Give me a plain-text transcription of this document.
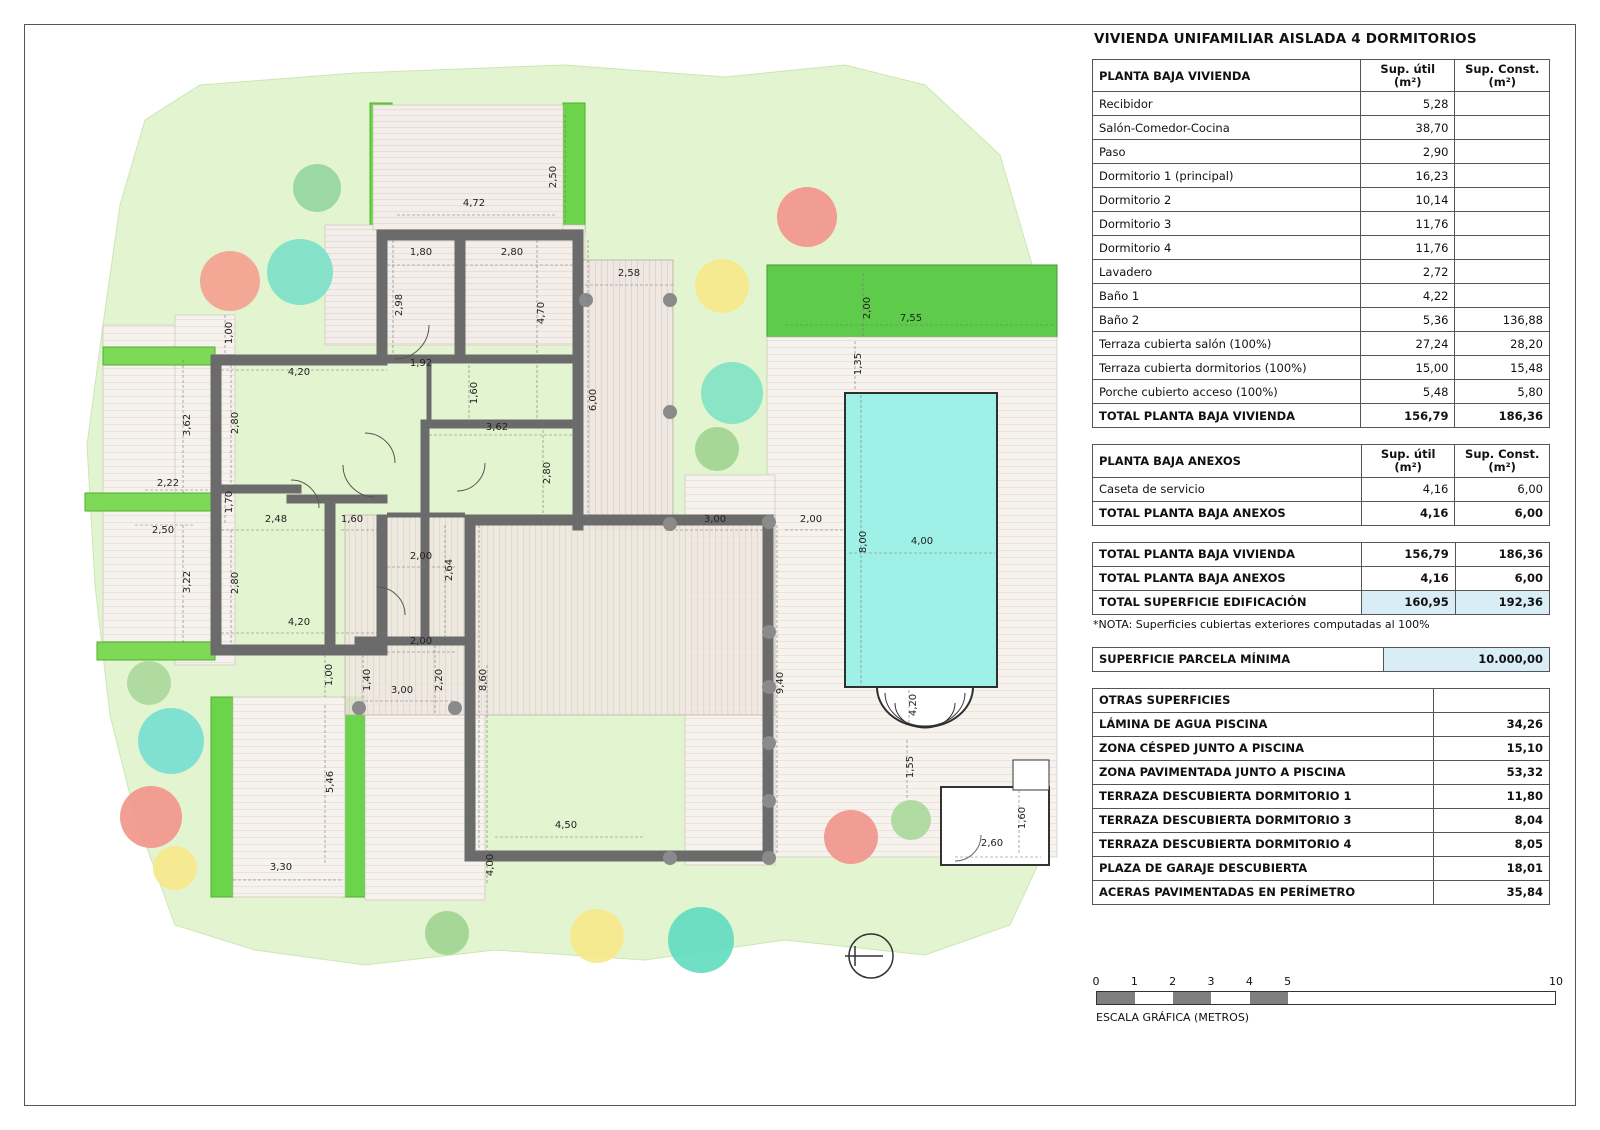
4,72
2,50
1,80	2,80
2,58
2,98	4,70	2,00	7,55
1,00
1,92
4,20	1,35
1,60	6,00
3,62	2,80	3,62
2,80
2,22
1,70
2,48	1,60
2,50
3,00	2,00
8,00	4,00
3,22
2,00
2,64
2,80
4,20
2,00
1,00	1,40	2,20	8,60	9,40
3,00
4,20
1,55
5,46
4,50	1,60
2,60
3,30	4,00
VIVIENDA UNIFAMILIAR AISLADA 4 DORMITORIOS
PLANTA BAJA VIVIENDA	Sup. útil (m²)	Sup. Const. (m²)
Recibidor	5,28	
Salón-Comedor-Cocina	38,70	
Paso	2,90	
Dormitorio 1 (principal)	16,23	
Dormitorio 2	10,14	
Dormitorio 3	11,76	
Dormitorio 4	11,76	
Lavadero	2,72	
Baño 1	4,22	
Baño 2	5,36	136,88
Terraza cubierta salón (100%)	27,24	28,20
Terraza cubierta dormitorios (100%)	15,00	15,48
Porche cubierto acceso (100%)	5,48	5,80
TOTAL PLANTA BAJA VIVIENDA	156,79	186,36
PLANTA BAJA ANEXOS	Sup. útil (m²)	Sup. Const. (m²)
Caseta de servicio	4,16	6,00
TOTAL PLANTA BAJA ANEXOS	4,16	6,00
TOTAL PLANTA BAJA VIVIENDA	156,79	186,36
TOTAL PLANTA BAJA ANEXOS	4,16	6,00
TOTAL SUPERFICIE EDIFICACIÓN	160,95	192,36
*NOTA: Superficies cubiertas exteriores computadas al 100%
SUPERFICIE PARCELA MÍNIMA	10.000,00
OTRAS SUPERFICIES	
LÁMINA DE AGUA PISCINA	34,26
ZONA CÉSPED JUNTO A PISCINA	15,10
ZONA PAVIMENTADA JUNTO A PISCINA	53,32
TERRAZA DESCUBIERTA DORMITORIO 1	11,80
TERRAZA DESCUBIERTA DORMITORIO 3	8,04
TERRAZA DESCUBIERTA DORMITORIO 4	8,05
PLAZA DE GARAJE DESCUBIERTA	18,01
ACERAS PAVIMENTADAS EN PERÍMETRO	35,84
0	1	2	3	4	5	10
ESCALA GRÁFICA (METROS)
